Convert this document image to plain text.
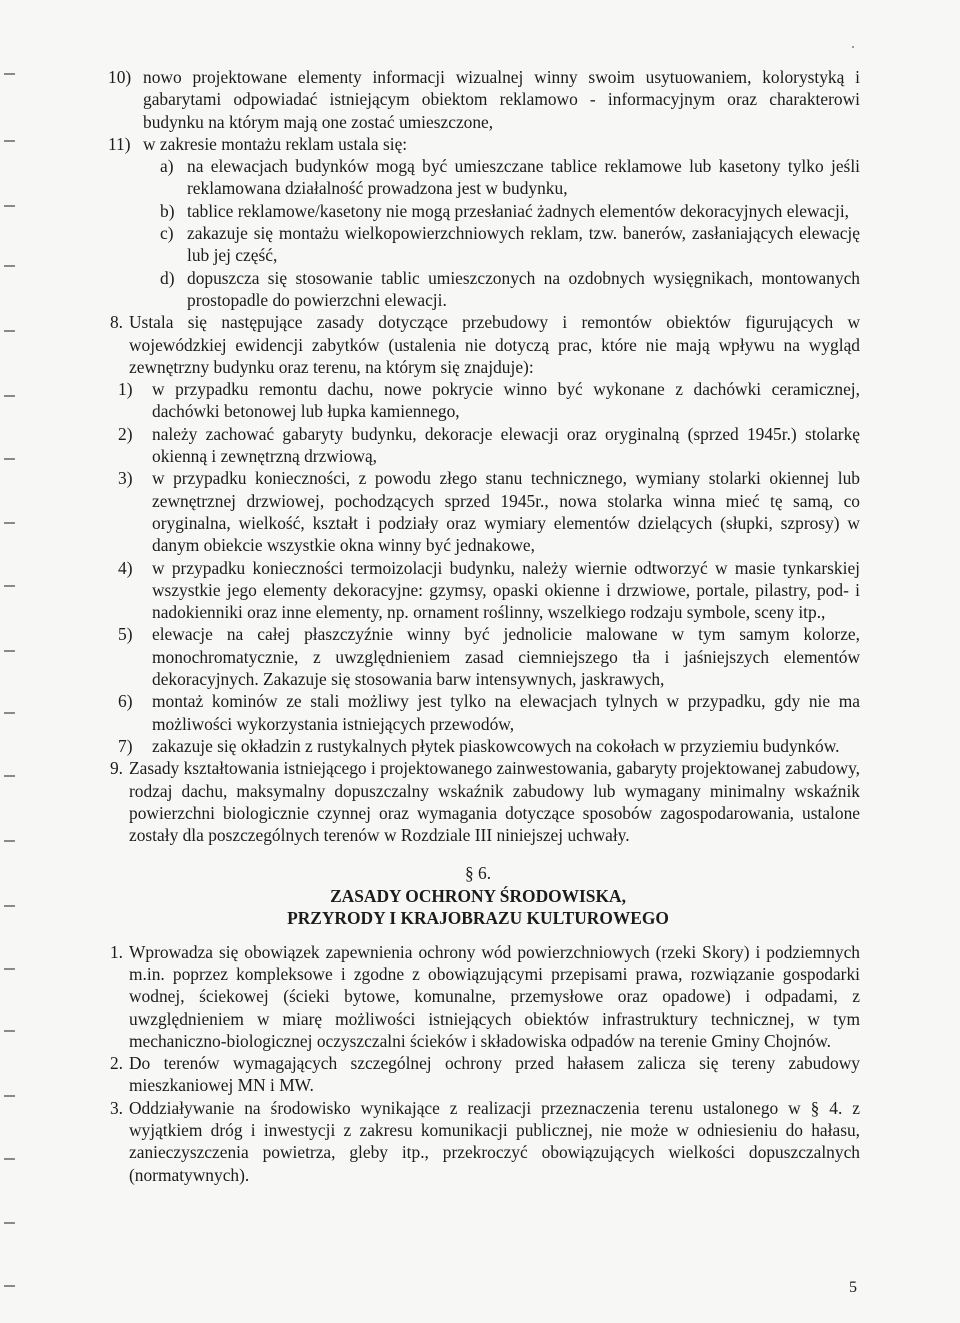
10) nowo projektowane elementy informacji wizualnej winny swoim usytuowaniem, kolorystyką i gabarytami odpowiadać istniejącym obiektom reklamowo - informacyjnym oraz charakterowi budynku na którym mają one zostać umieszczone,
11) w zakresie montażu reklam ustala się:
a) na elewacjach budynków mogą być umieszczane tablice reklamowe lub kasetony tylko jeśli reklamowana działalność prowadzona jest w budynku,
b) tablice reklamowe/kasetony nie mogą przesłaniać żadnych elementów dekoracyjnych elewacji,
c) zakazuje się montażu wielkopowierzchniowych reklam, tzw. banerów, zasłaniających elewację lub jej część,
d) dopuszcza się stosowanie tablic umieszczonych na ozdobnych wysięgnikach, montowanych prostopadle do powierzchni elewacji.
8. Ustala się następujące zasady dotyczące przebudowy i remontów obiektów figurujących w wojewódzkiej ewidencji zabytków (ustalenia nie dotyczą prac, które nie mają wpływu na wygląd zewnętrzny budynku oraz terenu, na którym się znajduje):
1)	w przypadku remontu dachu, nowe pokrycie winno być wykonane z dachówki ceramicznej, dachówki betonowej lub łupka kamiennego,
2)	należy zachować gabaryty budynku, dekoracje elewacji oraz oryginalną (sprzed 1945r.) stolarkę okienną i zewnętrzną drzwiową,
3)	w przypadku konieczności, z powodu złego stanu technicznego, wymiany stolarki okiennej lub zewnętrznej drzwiowej, pochodzących sprzed 1945r., nowa stolarka winna mieć tę samą, co oryginalna, wielkość, kształt i podziały oraz wymiary elementów dzielących (słupki, szprosy) w danym obiekcie wszystkie okna winny być jednakowe,
4)	w przypadku konieczności termoizolacji budynku, należy wiernie odtworzyć w masie tynkarskiej wszystkie jego elementy dekoracyjne: gzymsy, opaski okienne i drzwiowe, portale, pilastry, pod- i nadokienniki oraz inne elementy, np. ornament roślinny, wszelkiego rodzaju symbole, sceny itp.,
5)	elewacje na całej płaszczyźnie winny być jednolicie malowane w tym samym kolorze, monochromatycznie, z uwzględnieniem zasad ciemniejszego tła i jaśniejszych elementów dekoracyjnych. Zakazuje się stosowania barw intensywnych, jaskrawych,
6)	montaż kominów ze stali możliwy jest tylko na elewacjach tylnych w przypadku, gdy nie ma możliwości wykorzystania istniejących przewodów,
7)	zakazuje się okładzin z rustykalnych płytek piaskowcowych na cokołach w przyziemiu budynków.
9. Zasady kształtowania istniejącego i projektowanego zainwestowania, gabaryty projektowanej zabudowy, rodzaj dachu, maksymalny dopuszczalny wskaźnik zabudowy lub wymagany minimalny wskaźnik powierzchni biologicznie czynnej oraz wymagania dotyczące sposobów zagospodarowania, ustalone zostały dla poszczególnych terenów w Rozdziale III niniejszej uchwały.
§ 6.
ZASADY OCHRONY ŚRODOWISKA,
PRZYRODY I KRAJOBRAZU KULTUROWEGO
1. Wprowadza się obowiązek zapewnienia ochrony wód powierzchniowych (rzeki Skory) i podziemnych m.in. poprzez kompleksowe i zgodne z obowiązującymi przepisami prawa, rozwiązanie gospodarki wodnej, ściekowej (ścieki bytowe, komunalne, przemysłowe oraz opadowe) i odpadami, z uwzględnieniem w miarę możliwości istniejących obiektów infrastruktury technicznej, w tym mechaniczno-biologicznej oczyszczalni ścieków i składowiska odpadów na terenie Gminy Chojnów.
2. Do terenów wymagających szczególnej ochrony przed hałasem zalicza się tereny zabudowy mieszkaniowej MN i MW.
3. Oddziaływanie na środowisko wynikające z realizacji przeznaczenia terenu ustalonego w § 4. z wyjątkiem dróg i inwestycji z zakresu komunikacji publicznej, nie może w odniesieniu do hałasu, zanieczyszczenia powietrza, gleby itp., przekroczyć obowiązujących wielkości dopuszczalnych (normatywnych).
5
